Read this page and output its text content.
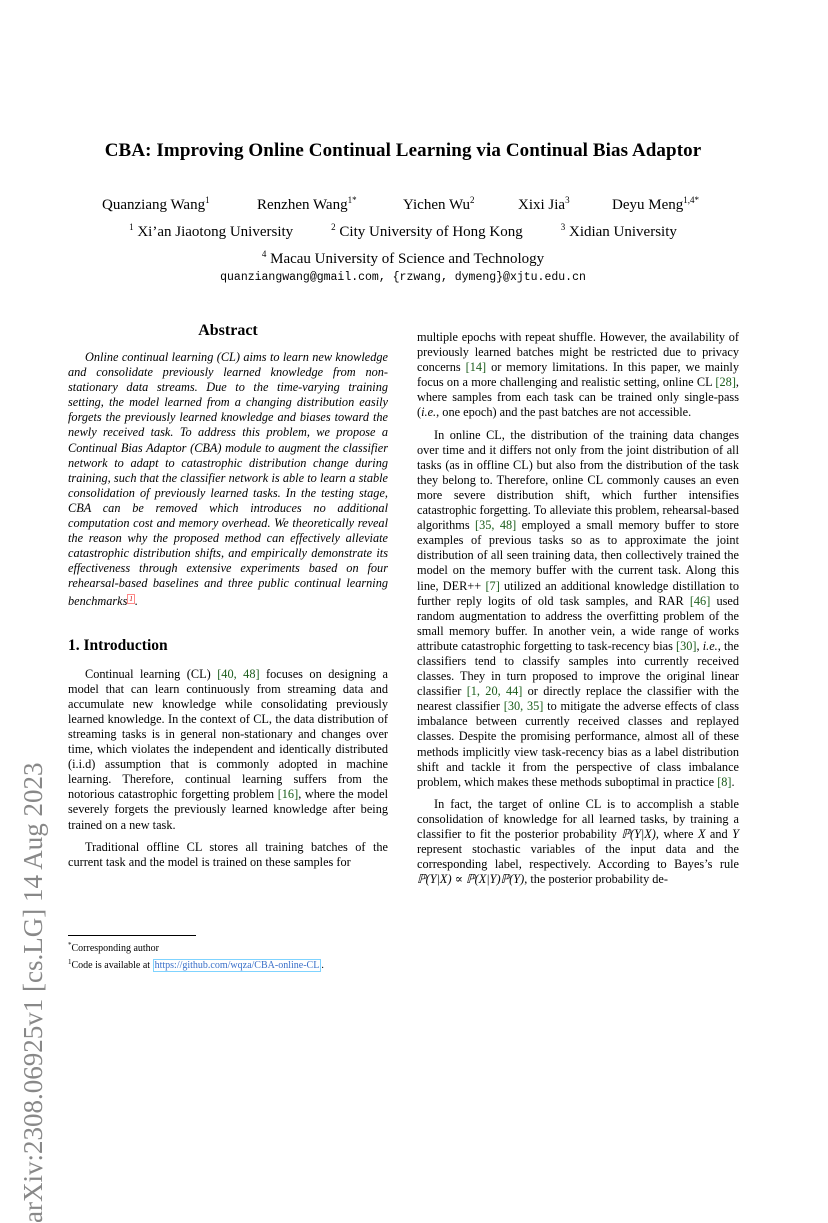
arXiv:2308.06925v1 [cs.LG] 14 Aug 2023
CBA: Improving Online Continual Learning via Continual Bias Adaptor
Quanziang Wang$^1$	Renzhen Wang$^{1*}$	Yichen Wu$^2$	Xixi Jia$^3$	Deyu Meng$^{1,4*}$
$^1$ Xi’an Jiaotong University	$^2$ City University of Hong Kong	$^3$ Xidian University
$^4$ Macau University of Science and Technology
quanziangwang@gmail.com, {rzwang, dymeng}@xjtu.edu.cn
Abstract

Online continual learning (CL) aims to learn new knowledge and consolidate previously learned knowledge from non-stationary data streams. Due to the time-varying training setting, the model learned from a changing distribution easily forgets the previously learned knowledge and biases toward the newly received task. To address this problem, we propose a Continual Bias Adaptor (CBA) module to augment the classifier network to adapt to catastrophic distribution change during training, such that the classifier network is able to learn a stable consolidation of previously learned tasks. In the testing stage, CBA can be removed which introduces no additional computation cost and memory overhead. We theoretically reveal the reason why the proposed method can effectively alleviate catastrophic distribution shifts, and empirically demonstrate its effectiveness through extensive experiments based on four rehearsal-based baselines and three public continual learning benchmarks $^1$ .

1. Introduction

Continual learning (CL) [40, 48] focuses on designing a model that can learn continuously from streaming data and accumulate new knowledge while consolidating previously learned knowledge. In the context of CL, the data distribution of streaming tasks is in general non-stationary and changes over time, which violates the independent and identically distributed (i.i.d) assumption that is commonly adopted in machine learning. Therefore, continual learning suffers from the notorious catastrophic forgetting problem [16], where the model severely forgets the previously learned knowledge after being trained on a new task.

Traditional offline CL stores all training batches of the current task and the model is trained on these samples for

multiple epochs with repeat shuffle. However, the availability of previously learned batches might be restricted due to privacy concerns [14] or memory limitations. In this paper, we mainly focus on a more challenging and realistic setting, online CL [28], where samples from each task can be trained only single-pass (i.e., one epoch) and the past batches are not accessible.

In online CL, the distribution of the training data changes over time and it differs not only from the joint distribution of all tasks (as in offline CL) but also from the distribution of the task they belong to. Therefore, online CL commonly causes an even more severe distribution shift, which further intensifies catastrophic forgetting. To alleviate this problem, rehearsal-based algorithms [35, 48] employed a small memory buffer to store examples of previous tasks so as to approximate the joint distribution of all seen training data, then collectively trained the model on the memory buffer with the current task. Along this line, DER++ [7] utilized an additional knowledge distillation to further reply logits of old task samples, and RAR [46] used random augmentation to address the overfitting problem of the small memory buffer. In another vein, a wide range of works attribute catastrophic forgetting to task-recency bias [30], i.e., the classifiers tend to classify samples into currently received classes. They in turn proposed to improve the original linear classifier [1, 20, 44] or directly replace the classifier with the nearest classifier [30, 35] to mitigate the adverse effects of class imbalance between currently received classes and replayed classes. Despite the promising performance, almost all of these methods implicitly view task-recency bias as a label distribution shift and tackle it from the perspective of class imbalance problem, which makes these methods suboptimal in practice [8].

In fact, the target of online CL is to accomplish a stable consolidation of knowledge for all learned tasks, by training a classifier to fit the posterior probability ℙ(Y|X), where X and Y represent stochastic variables of the input data and the corresponding label, respectively. According to Bayes’s rule ℙ(Y|X) ∝ ℙ(X|Y)ℙ(Y), the posterior probability de-

*Corresponding author
$^1$Code is available at https://github.com/wqza/CBA-online-CL .
